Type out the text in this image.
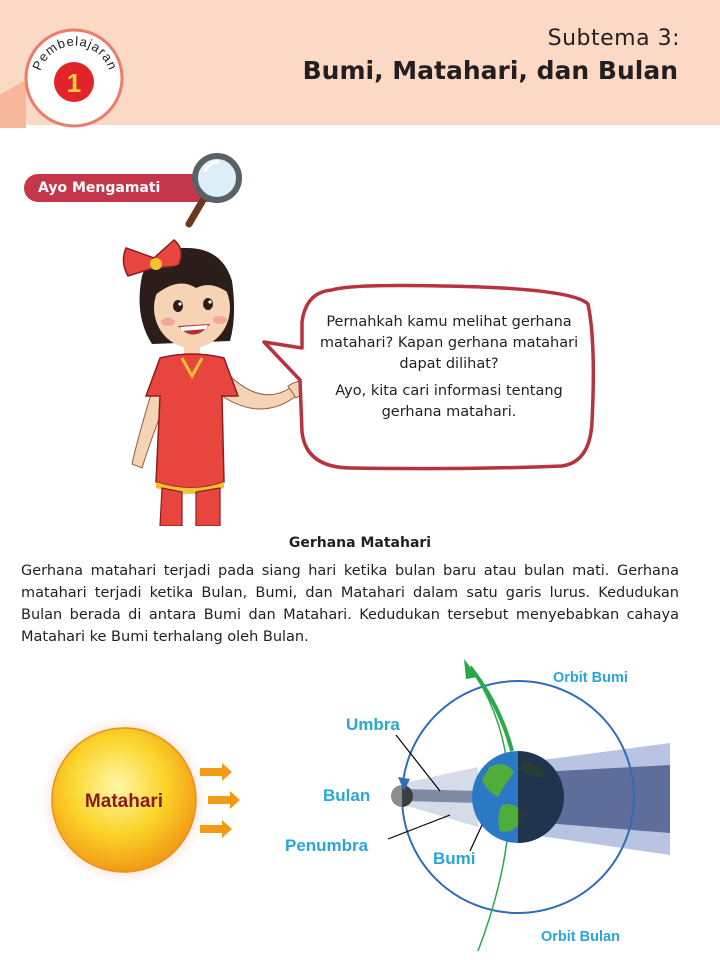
Pembelajaran
1
Subtema 3:
Bumi, Matahari, dan Bulan
Ayo Mengamati

Pernahkah kamu melihat gerhana matahari? Kapan gerhana matahari dapat dilihat?

Ayo, kita cari informasi tentang gerhana matahari.

Gerhana Matahari

Gerhana matahari terjadi pada siang hari ketika bulan baru atau bulan mati. Gerhana matahari terjadi ketika Bulan, Bumi, dan Matahari dalam satu garis lurus. Kedudukan Bulan berada di antara Bumi dan Matahari. Kedudukan tersebut menyebabkan cahaya Matahari ke Bumi terhalang oleh Bulan.

Matahari
Orbit Bumi
Umbra
Bulan
Penumbra
Bumi
Orbit Bulan
